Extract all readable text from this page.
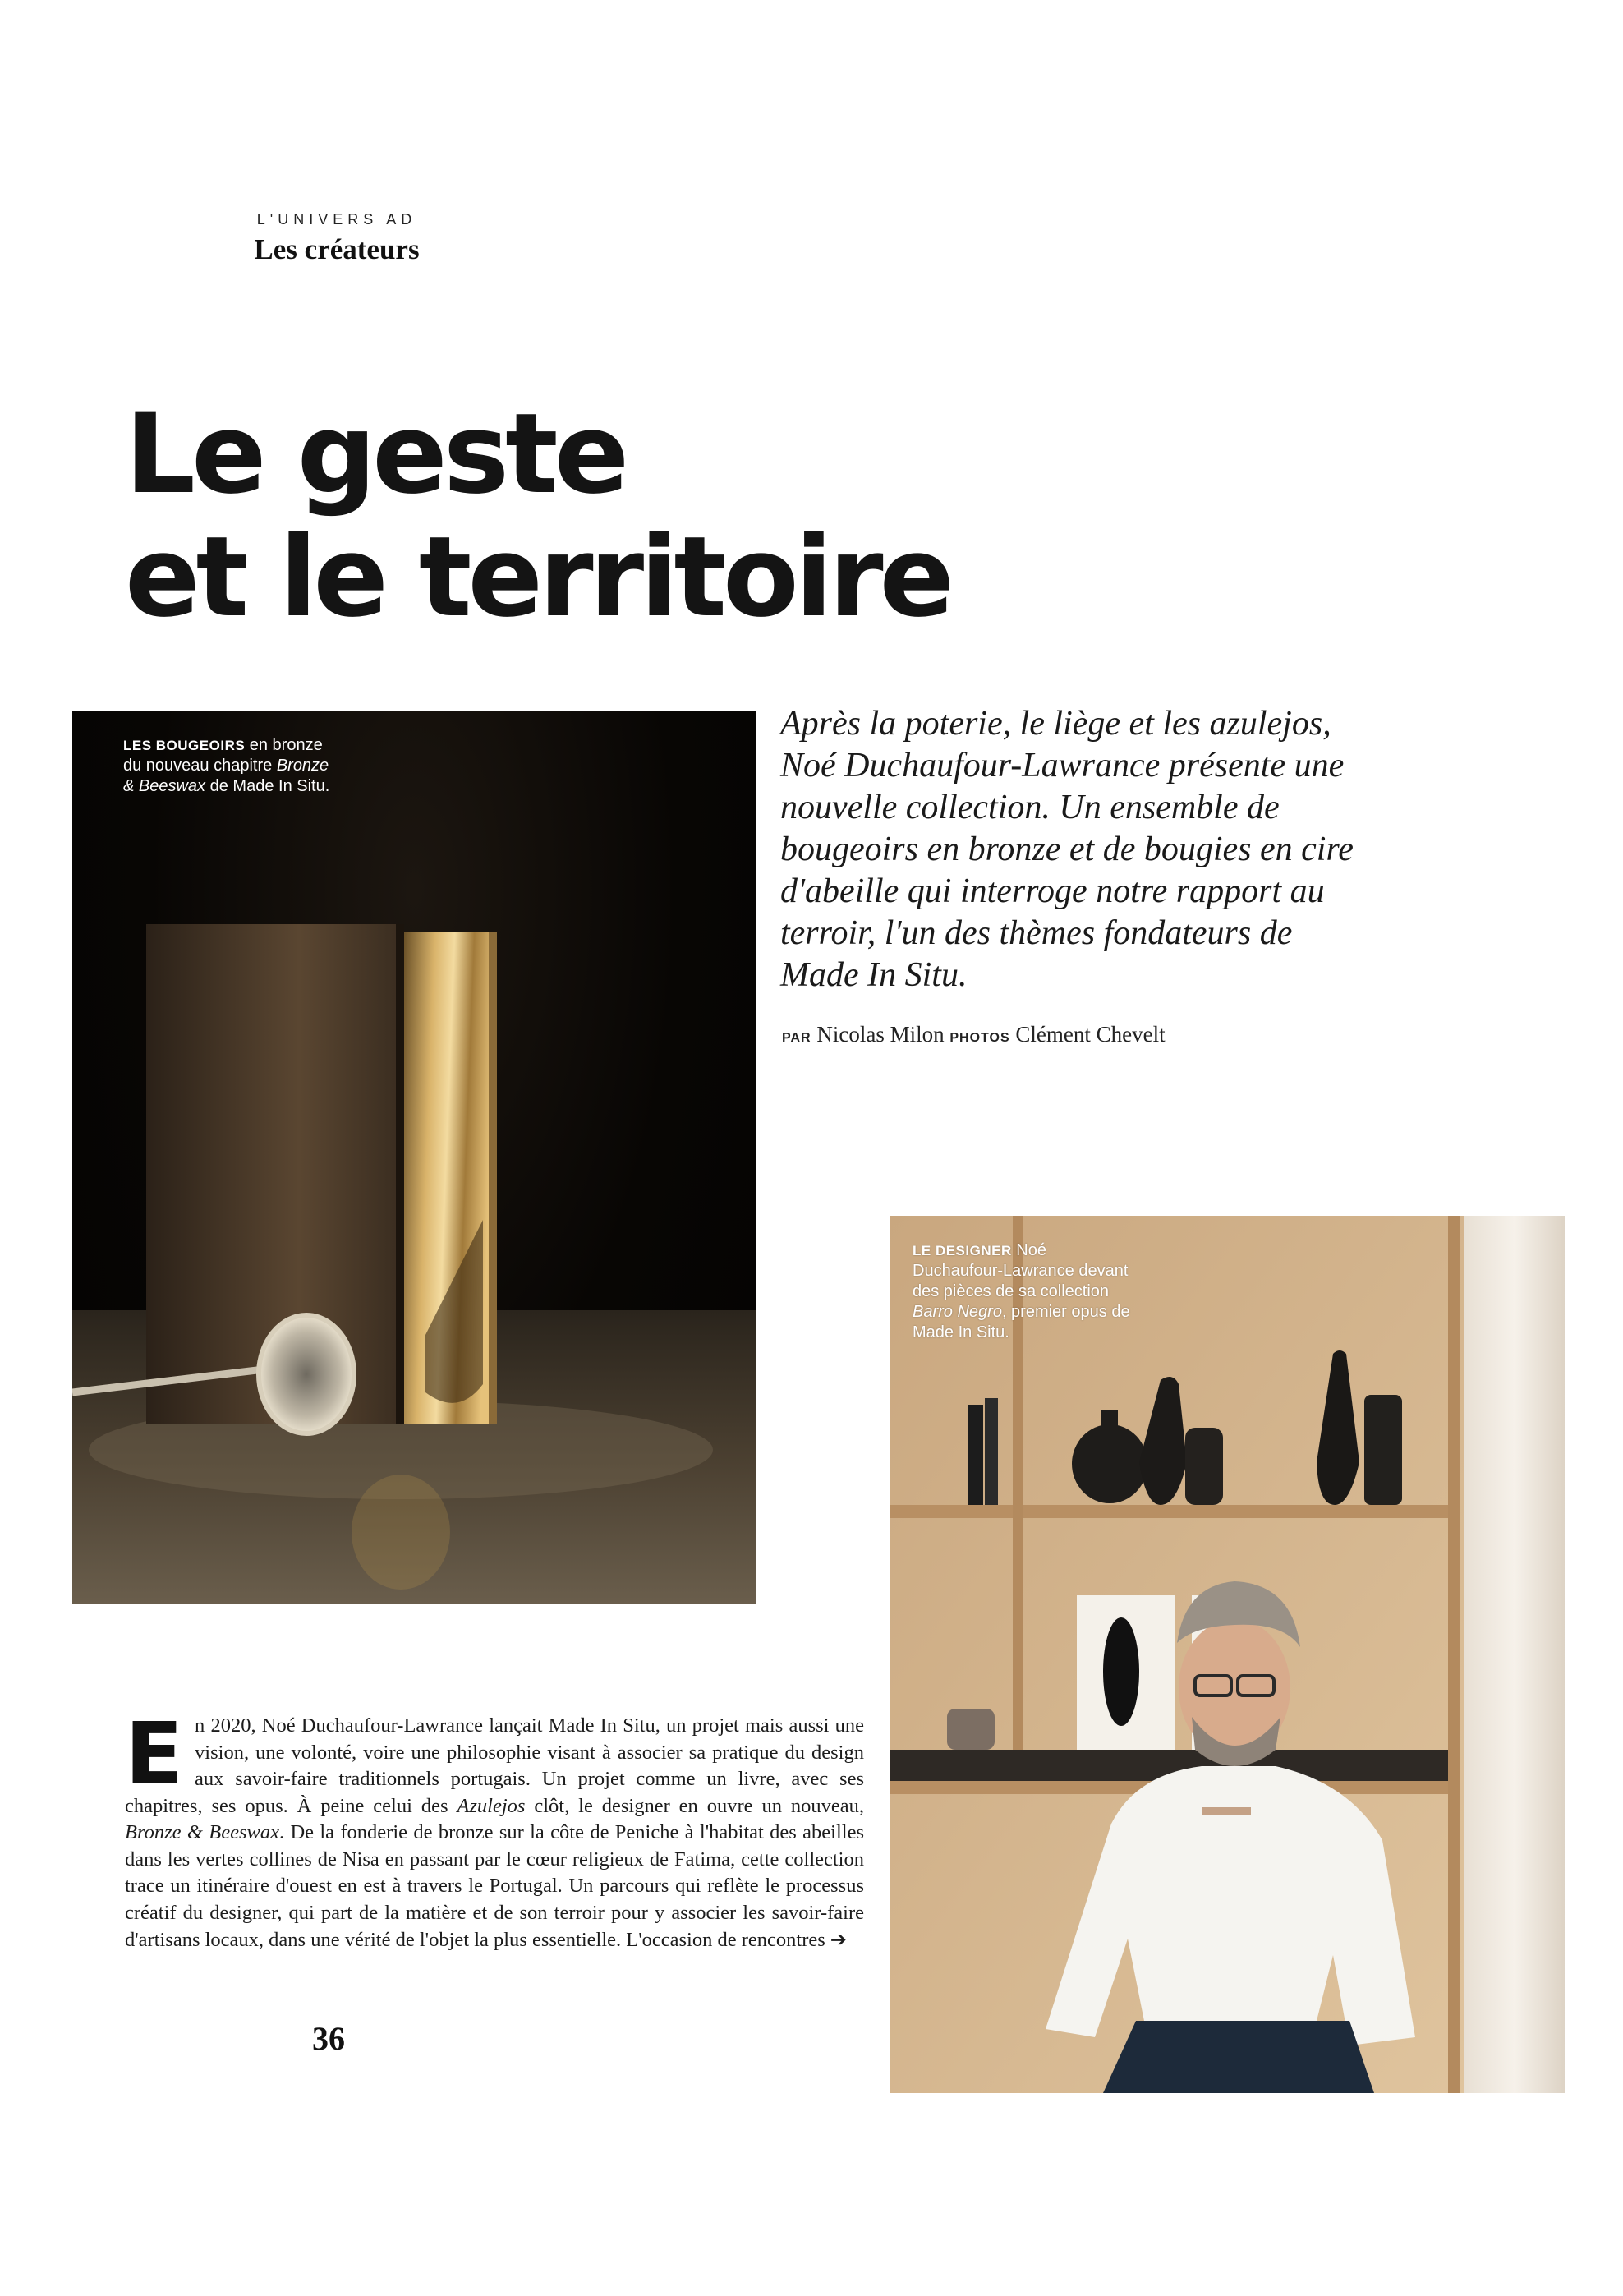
L'UNIVERS AD
Les créateurs
Le geste
et le territoire
LES BOUGEOIRS en bronze du nouveau chapitre Bronze & Beeswax de Made In Situ.

Après la poterie, le liège et les azulejos, Noé Duchaufour-Lawrance présente une nouvelle collection. Un ensemble de bougeoirs en bronze et de bougies en cire d'abeille qui interroge notre rapport au terroir, l'un des thèmes fondateurs de Made In Situ.

PAR Nicolas Milon PHOTOS Clément Chevelt
LE DESIGNER Noé Duchaufour-Lawrance devant des pièces de sa collection Barro Negro, premier opus de Made In Situ.

En 2020, Noé Duchaufour-Lawrance lançait Made In Situ, un projet mais aussi une vision, une volonté, voire une philosophie visant à associer sa pratique du design aux savoir-faire traditionnels portugais. Un projet comme un livre, avec ses chapitres, ses opus. À peine celui des Azulejos clôt, le designer en ouvre un nouveau, Bronze & Beeswax. De la fonderie de bronze sur la côte de Peniche à l'habitat des abeilles dans les vertes collines de Nisa en passant par le cœur religieux de Fatima, cette collection trace un itinéraire d'ouest en est à travers le Portugal. Un parcours qui reflète le processus créatif du designer, qui part de la matière et de son terroir pour y associer les savoir-faire d'artisans locaux, dans une vérité de l'objet la plus essentielle. L'occasion de rencontres ➔

36
